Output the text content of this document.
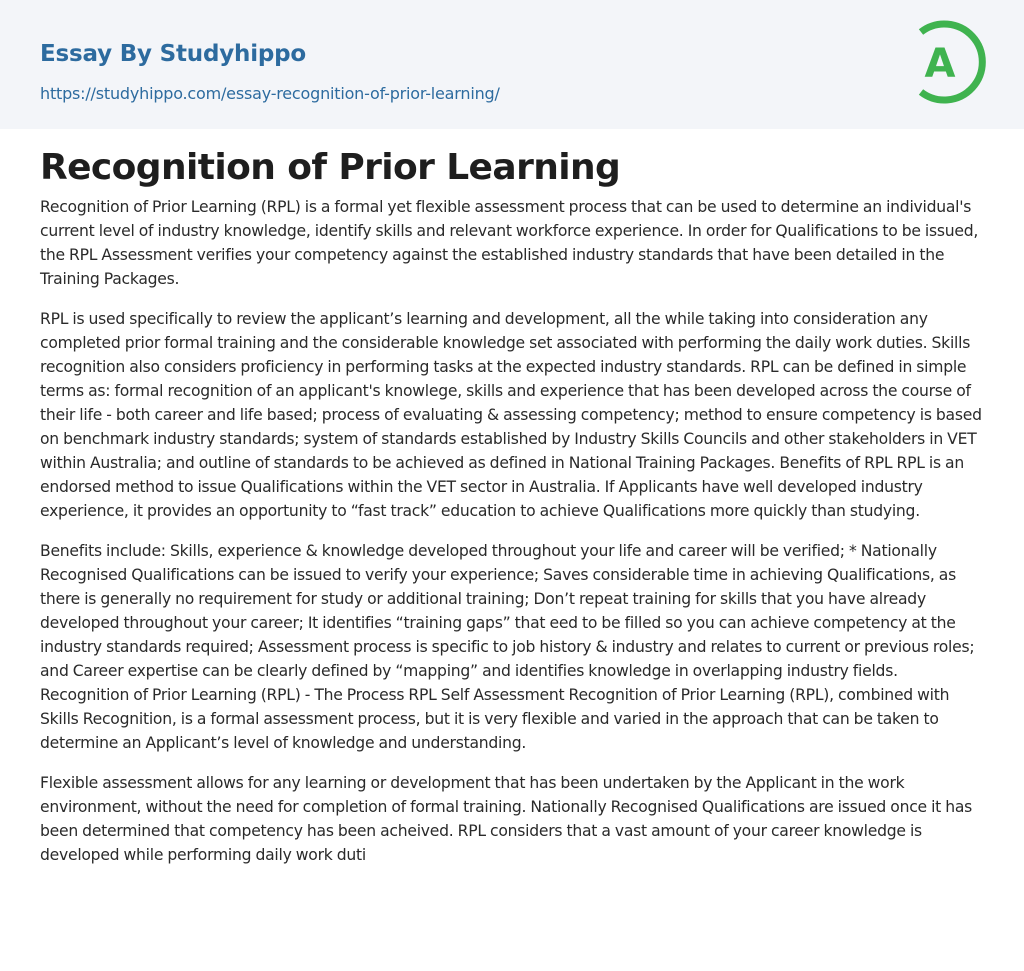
Essay By Studyhippo
https://studyhippo.com/essay-recognition-of-prior-learning/
A
Recognition of Prior Learning

Recognition of Prior Learning (RPL) is a formal yet flexible assessment process that can be used to determine an individual's current level of industry knowledge, identify skills and relevant workforce experience. In order for Qualifications to be issued, the RPL Assessment verifies your competency against the established industry standards that have been detailed in the Training Packages.

RPL is used specifically to review the applicant’s learning and development, all the while taking into consideration any completed prior formal training and the considerable knowledge set associated with performing the daily work duties. Skills recognition also considers proficiency in performing tasks at the expected industry standards. RPL can be defined in simple terms as: formal recognition of an applicant's knowlege, skills and experience that has been developed across the course of their life - both career and life based; process of evaluating & assessing competency; method to ensure competency is based on benchmark industry standards; system of standards established by Industry Skills Councils and other stakeholders in VET within Australia; and outline of standards to be achieved as defined in National Training Packages. Benefits of RPL RPL is an endorsed method to issue Qualifications within the VET sector in Australia. If Applicants have well developed industry experience, it provides an opportunity to “fast track” education to achieve Qualifications more quickly than studying.

Benefits include: Skills, experience & knowledge developed throughout your life and career will be verified; * Nationally Recognised Qualifications can be issued to verify your experience; Saves considerable time in achieving Qualifications, as there is generally no requirement for study or additional training; Don’t repeat training for skills that you have already developed throughout your career; It identifies “training gaps” that eed to be filled so you can achieve competency at the industry standards required; Assessment process is specific to job history & industry and relates to current or previous roles; and Career expertise can be clearly defined by “mapping” and identifies knowledge in overlapping industry fields. Recognition of Prior Learning (RPL) - The Process RPL Self Assessment Recognition of Prior Learning (RPL), combined with Skills Recognition, is a formal assessment process, but it is very flexible and varied in the approach that can be taken to determine an Applicant’s level of knowledge and understanding.

Flexible assessment allows for any learning or development that has been undertaken by the Applicant in the work environment, without the need for completion of formal training. Nationally Recognised Qualifications are issued once it has been determined that competency has been acheived. RPL considers that a vast amount of your career knowledge is developed while performing daily work duti
